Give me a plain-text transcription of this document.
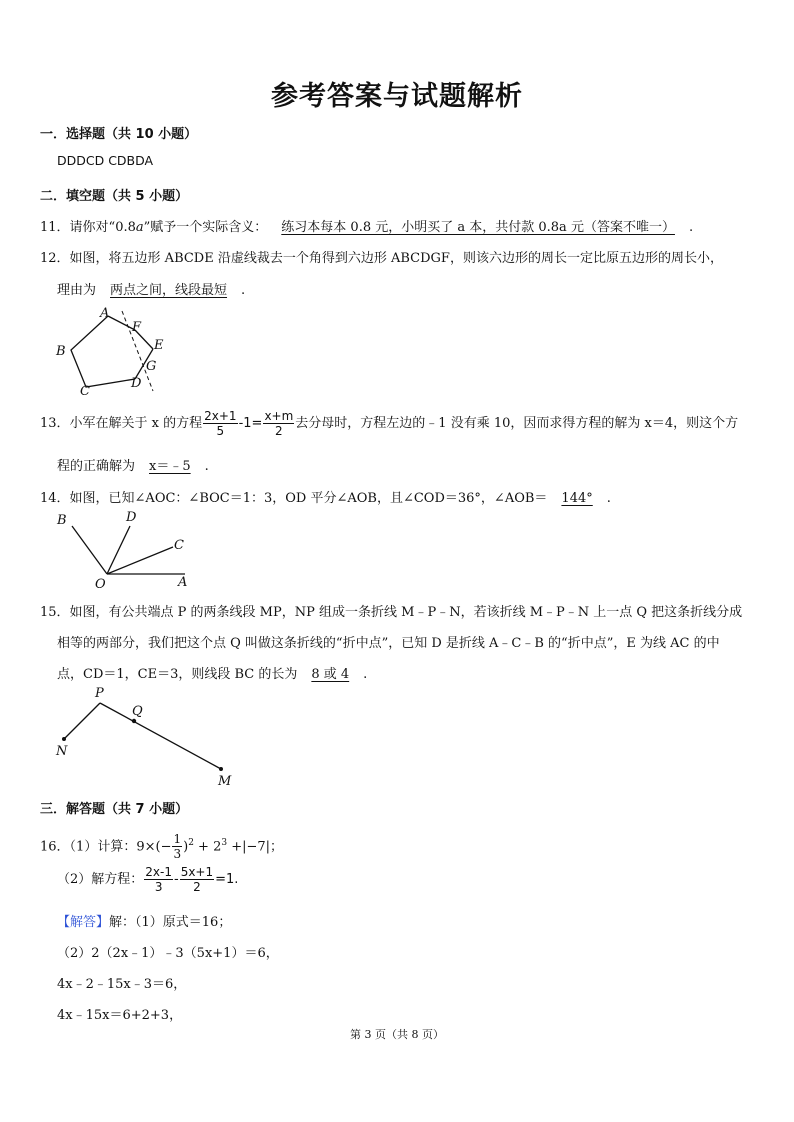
参考答案与试题解析
一．选择题（共 10 小题）
DDDCD CDBDA
二．填空题（共 5 小题）
11．请你对“0.8a”赋予一个实际含义： 练习本每本 0.8 元，小明买了 a 本，共付款 0.8a 元（答案不唯一） .
12．如图，将五边形 ABCDE 沿虚线裁去一个角得到六边形 ABCDGF，则该六边形的周长一定比原五边形的周长小，
理由为 两点之间，线段最短 .
A
B
C
D
E
F
G
13．小军在解关于 x 的方程 $\frac{2x+1}{5} -1= \frac{x+m}{2}$ 去分母时，方程左边的﹣1 没有乘 10，因而求得方程的解为 x＝4，则这个方
程的正确解为 x＝﹣5 .
14．如图，已知∠AOC：∠BOC＝1：3，OD 平分∠AOB，且∠COD＝36°，∠AOB＝ 144° .
B	D
C
O	A
15．如图，有公共端点 P 的两条线段 MP，NP 组成一条折线 M﹣P﹣N，若该折线 M﹣P﹣N 上一点 Q 把这条折线分成
相等的两部分，我们把这个点 Q 叫做这条折线的“折中点”，已知 D 是折线 A﹣C﹣B 的“折中点”，E 为线 AC 的中
点，CD＝1，CE＝3，则线段 BC 的长为 8 或 4 .
P
Q
N
M
三．解答题（共 7 小题）
16．（1）计算：$9\times(- \frac{1}{3} )^2 + 2^3 +|-7|$；
（2）解方程： $\frac{2x-1}{3} - \frac{5x+1}{2} =1$.
【解答】解：（1）原式＝16；
（2）2（2x﹣1）﹣3（5x+1）＝6，
4x﹣2﹣15x﹣3＝6，
4x﹣15x＝6+2+3，
第 3 页（共 8 页）
